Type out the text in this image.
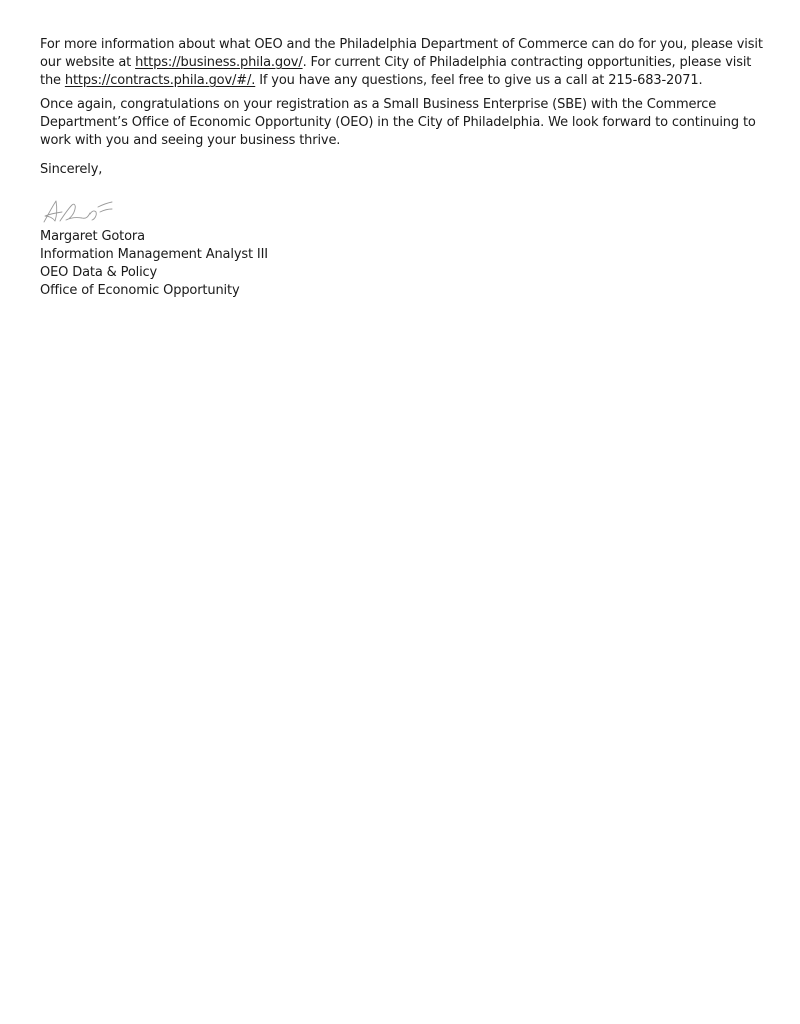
For more information about what OEO and the Philadelphia Department of Commerce can do for you, please visit our website at https://business.phila.gov/. For current City of Philadelphia contracting opportunities, please visit the https://contracts.phila.gov/#/. If you have any questions, feel free to give us a call at 215-683-2071.

Once again, congratulations on your registration as a Small Business Enterprise (SBE) with the Commerce Department’s Office of Economic Opportunity (OEO) in the City of Philadelphia. We look forward to continuing to work with you and seeing your business thrive.

Sincerely,

Margaret Gotora
Information Management Analyst III
OEO Data & Policy
Office of Economic Opportunity
